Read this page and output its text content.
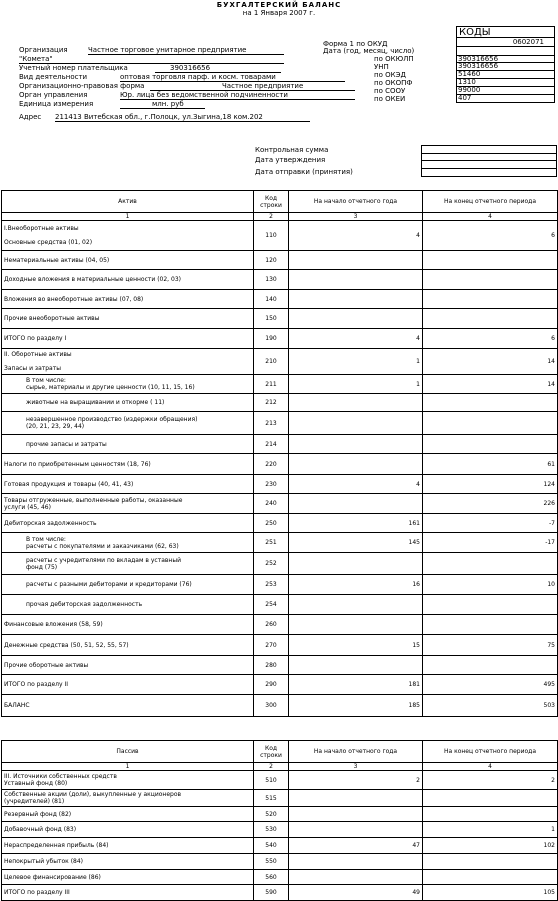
БУХГАЛТЕРСКИЙ БАЛАНС
на 1 Января 2007 г.
КОДЫ
0602071
Форма 1 по ОКУД
Дата (год, месяц, число)
по ОКЮЛП	390316656
УНП	390316656
по ОКЭД	51460
по ОКОПФ	1310
по СООУ	99000
по ОКЕИ	407
Организация	Частное торговое унитарное предприятие
"Комета"
Учетный номер плательщика	390316656
Вид деятельности	оптовая торговля парф. и косм. товарами
Организационно-правовая форма	Частное предприятие
Орган управления	Юр. лица без ведомственной подчиненности
Единица измерения	млн. руб
Адрес 211413 Витебская обл., г.Полоцк, ул.Зыгина,18 ком.202
Контрольная сумма
Дата утверждения
Дата отправки (принятия)
Актив	Код строки	На начало отчетного года	На конец отчетного периода
1	2	3	4

I.Внеоборотные активы
Основные средства (01, 02)	110	4	6

Нематериальные активы (04, 05)	120		

Доходные вложения в материальные ценности (02, 03)	130		

Вложения во внеоборотные активы (07, 08)	140		

Прочие внеоборотные активы	150		

ИТОГО по разделу I	190	4	6

II. Оборотные активы
Запасы и затраты	210	1	14

В том числе:
сырье, материалы и другие ценности (10, 11, 15, 16)	211	1	14

животные на выращивании и откорме ( 11)	212		

незавершенное производство (издержки обращения)
(20, 21, 23, 29, 44)	213		

прочие запасы и затраты	214		

Налоги по приобретенным ценностям (18, 76)	220		61

Готовая продукция и товары (40, 41, 43)	230	4	124

Товары отгруженные, выполненные работы, оказанные
услуги (45, 46)	240		226

Дебиторская задолженность	250	161	-7

В том числе:
расчеты с покупателями и заказчиками (62, 63)	251	145	-17

расчеты с учредителями по вкладам в уставный
фонд (75)	252		

расчеты с разными дебиторами и кредиторами (76)	253	16	10

прочая дебиторская задолженность	254		

Финансовые вложения (58, 59)	260		

Денежные средства (50, 51, 52, 55, 57)	270	15	75

Прочие оборотные активы	280		

ИТОГО по разделу II	290	181	495

БАЛАНС	300	185	503
Пассив	Код строки	На начало отчетного года	На конец отчетного периода
1	2	3	4

III. Источники собственных средств
Уставный фонд (80)	510	2	2

Собственные акции (доли), выкупленные у акционеров
(учредителей) (81)	515		

Резервный фонд (82)	520		

Добавочный фонд (83)	530		1

Нераспределенная прибыль (84)	540	47	102

Непокрытый убыток (84)	550		

Целевое финансирование (86)	560		

ИТОГО по разделу III	590	49	105
